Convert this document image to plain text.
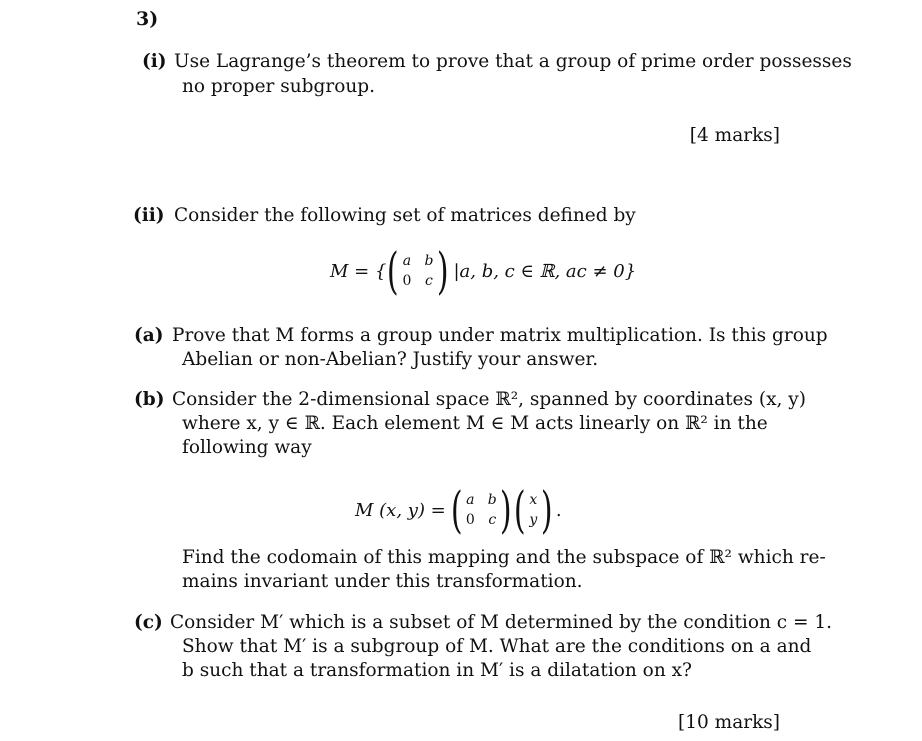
3)
(i) Use Lagrange’s theorem to prove that a group of prime order possesses
no proper subgroup.
[4 marks]
(ii) Consider the following set of matrices defined by
M = { ( a b
0 c ) |a, b, c ∈ ℝ, ac ≠ 0}
(a) Prove that M forms a group under matrix multiplication. Is this group
Abelian or non-Abelian? Justify your answer.
(b) Consider the 2-dimensional space ℝ², spanned by coordinates (x, y)
where x, y ∈ ℝ. Each element M ∈ M acts linearly on ℝ² in the
following way
M (x, y) = ( a b
0 c ) ( x
y ) .
Find the codomain of this mapping and the subspace of ℝ² which re-
mains invariant under this transformation.
(c) Consider M′ which is a subset of M determined by the condition c = 1.
Show that M′ is a subgroup of M. What are the conditions on a and
b such that a transformation in M′ is a dilatation on x?
[10 marks]
